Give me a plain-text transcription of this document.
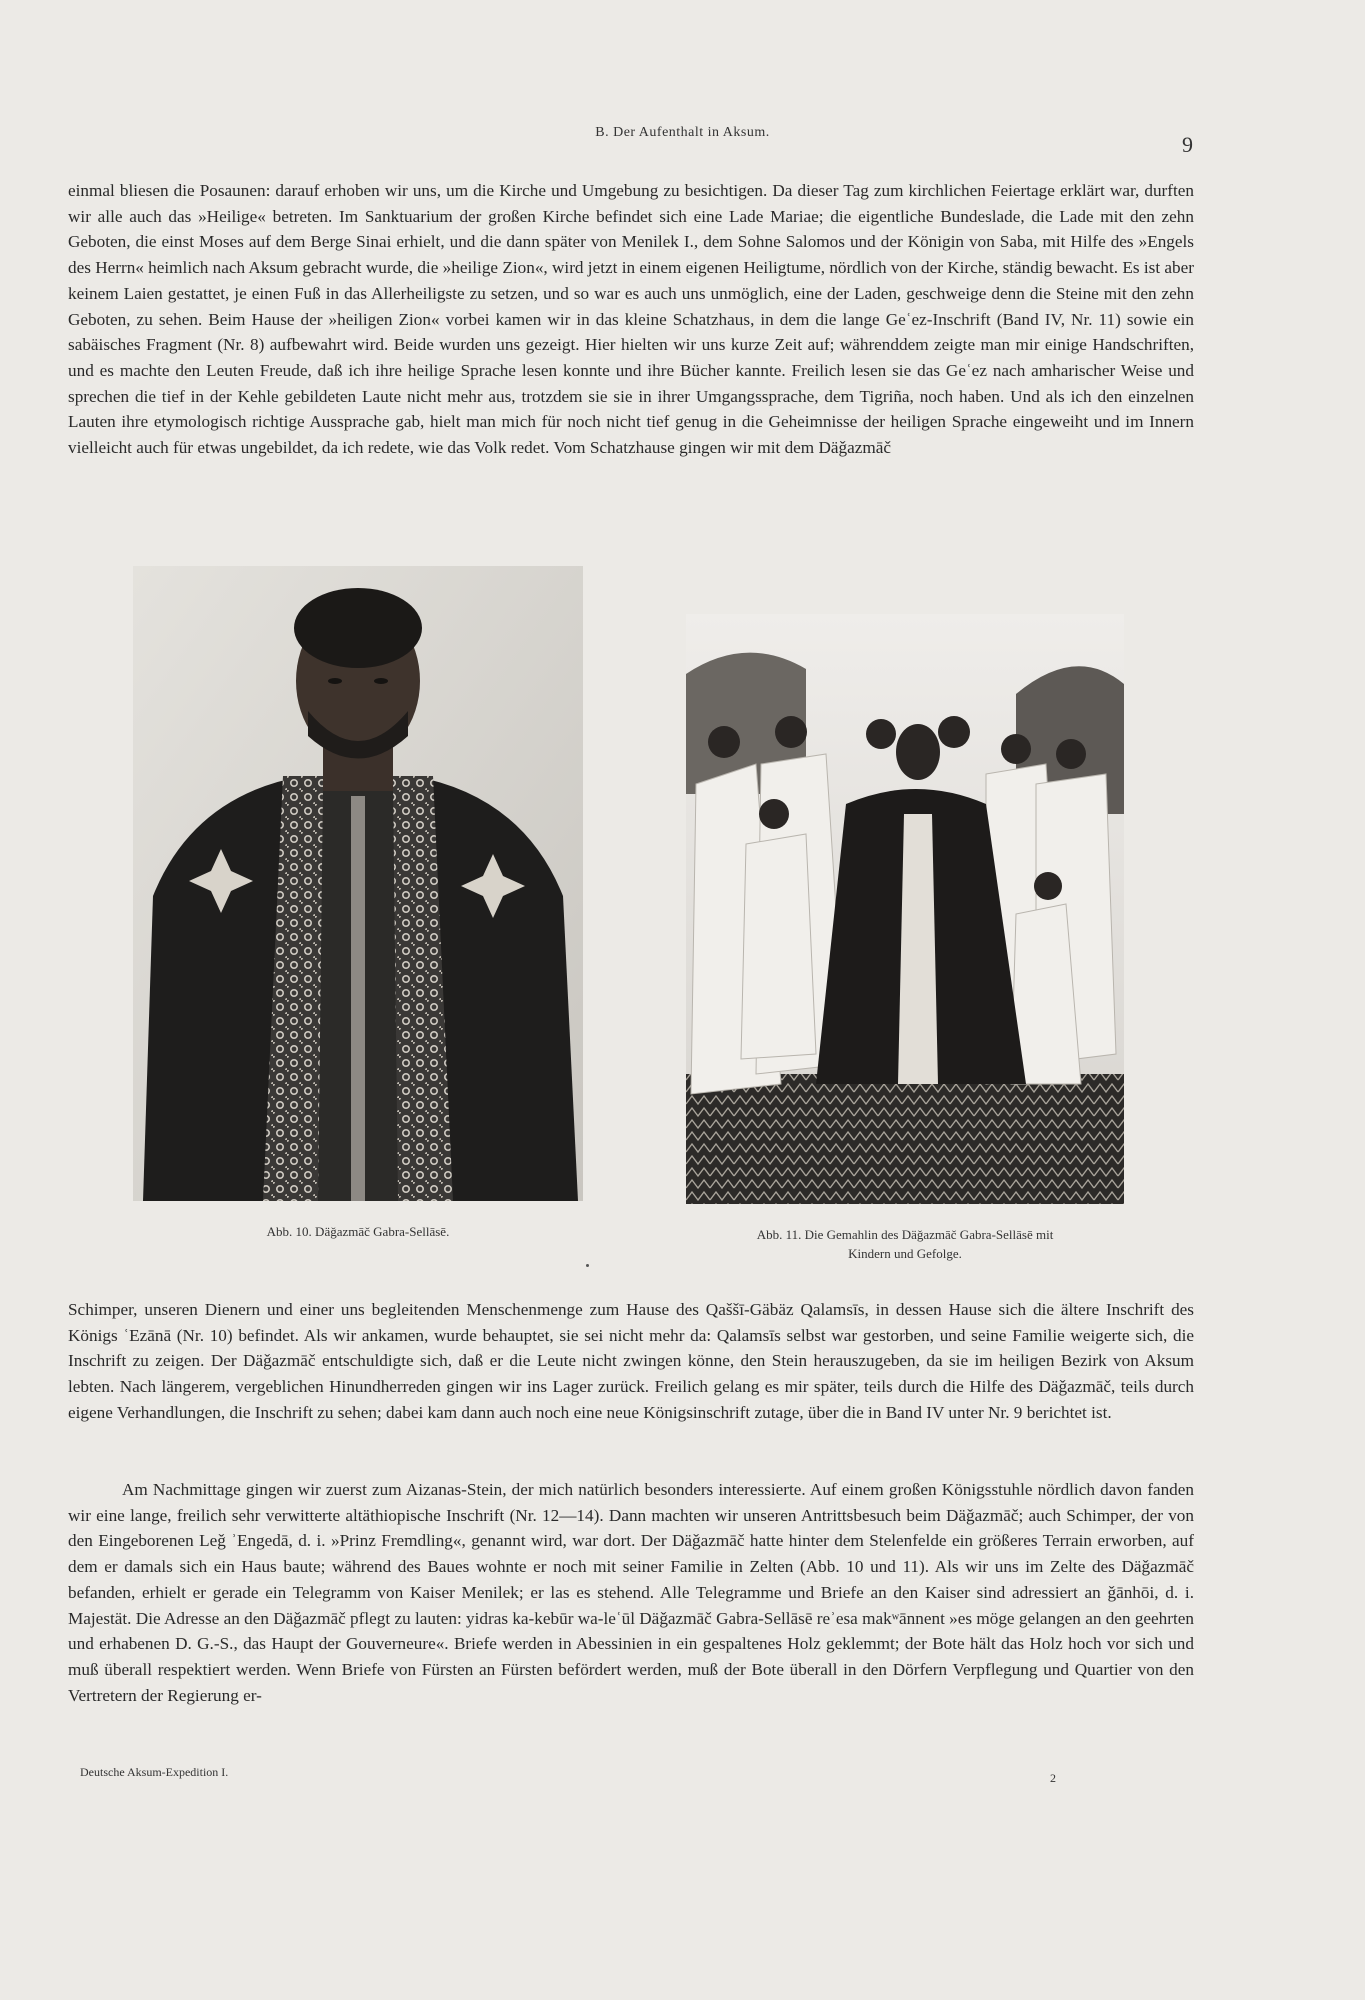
B. Der Aufenthalt in Aksum.	9

einmal bliesen die Posaunen: darauf erhoben wir uns, um die Kirche und Umgebung zu besichtigen. Da dieser Tag zum kirchlichen Feiertage erklärt war, durften wir alle auch das »Heilige« betreten. Im Sanktuarium der großen Kirche befindet sich eine Lade Mariae; die eigentliche Bundeslade, die Lade mit den zehn Geboten, die einst Moses auf dem Berge Sinai erhielt, und die dann später von Menilek I., dem Sohne Salomos und der Königin von Saba, mit Hilfe des »Engels des Herrn« heimlich nach Aksum gebracht wurde, die »heilige Zion«, wird jetzt in einem eigenen Heiligtume, nördlich von der Kirche, ständig bewacht. Es ist aber keinem Laien gestattet, je einen Fuß in das Allerheiligste zu setzen, und so war es auch uns unmöglich, eine der Laden, geschweige denn die Steine mit den zehn Geboten, zu sehen. Beim Hause der »heiligen Zion« vorbei kamen wir in das kleine Schatzhaus, in dem die lange Geʿez-Inschrift (Band IV, Nr. 11) sowie ein sabäisches Fragment (Nr. 8) aufbewahrt wird. Beide wurden uns gezeigt. Hier hielten wir uns kurze Zeit auf; währenddem zeigte man mir einige Handschriften, und es machte den Leuten Freude, daß ich ihre heilige Sprache lesen konnte und ihre Bücher kannte. Freilich lesen sie das Geʿez nach amharischer Weise und sprechen die tief in der Kehle gebildeten Laute nicht mehr aus, trotzdem sie sie in ihrer Umgangssprache, dem Tigriña, noch haben. Und als ich den einzelnen Lauten ihre etymologisch richtige Aussprache gab, hielt man mich für noch nicht tief genug in die Geheimnisse der heiligen Sprache eingeweiht und im Innern vielleicht auch für etwas ungebildet, da ich redete, wie das Volk redet. Vom Schatzhause gingen wir mit dem Däǧazmāč

Abb. 10. Däǧazmāč Gabra-Sellāsē.	Abb. 11. Die Gemahlin des Däǧazmāč Gabra-Sellāsē mit
Kindern und Gefolge.

Schimper, unseren Dienern und einer uns begleitenden Menschenmenge zum Hause des Qaššī-Gäbäz Qalamsīs, in dessen Hause sich die ältere Inschrift des Königs ʿEzānā (Nr. 10) befindet. Als wir ankamen, wurde behauptet, sie sei nicht mehr da: Qalamsīs selbst war gestorben, und seine Familie weigerte sich, die Inschrift zu zeigen. Der Däǧazmāč entschuldigte sich, daß er die Leute nicht zwingen könne, den Stein herauszugeben, da sie im heiligen Bezirk von Aksum lebten. Nach längerem, vergeblichen Hinundherreden gingen wir ins Lager zurück. Freilich gelang es mir später, teils durch die Hilfe des Däǧazmāč, teils durch eigene Verhandlungen, die Inschrift zu sehen; dabei kam dann auch noch eine neue Königsinschrift zutage, über die in Band IV unter Nr. 9 berichtet ist.

Am Nachmittage gingen wir zuerst zum Aizanas-Stein, der mich natürlich besonders interessierte. Auf einem großen Königsstuhle nördlich davon fanden wir eine lange, freilich sehr verwitterte altäthiopische Inschrift (Nr. 12—14). Dann machten wir unseren Antrittsbesuch beim Däǧazmāč; auch Schimper, der von den Eingeborenen Leǧ ʾEngedā, d. i. »Prinz Fremdling«, genannt wird, war dort. Der Däǧazmāč hatte hinter dem Stelenfelde ein größeres Terrain erworben, auf dem er damals sich ein Haus baute; während des Baues wohnte er noch mit seiner Familie in Zelten (Abb. 10 und 11). Als wir uns im Zelte des Däǧazmāč befanden, erhielt er gerade ein Telegramm von Kaiser Menilek; er las es stehend. Alle Telegramme und Briefe an den Kaiser sind adressiert an ǧānhōi, d. i. Majestät. Die Adresse an den Däǧazmāč pflegt zu lauten: yidras ka-kebūr wa-leʿūl Däǧazmāč Gabra-Sellāsē reʾesa makʷānnent »es möge gelangen an den geehrten und erhabenen D. G.-S., das Haupt der Gouverneure«. Briefe werden in Abessinien in ein gespaltenes Holz geklemmt; der Bote hält das Holz hoch vor sich und muß überall respektiert werden. Wenn Briefe von Fürsten an Fürsten befördert werden, muß der Bote überall in den Dörfern Verpflegung und Quartier von den Vertretern der Regierung er-

Deutsche Aksum-Expedition I.	2
